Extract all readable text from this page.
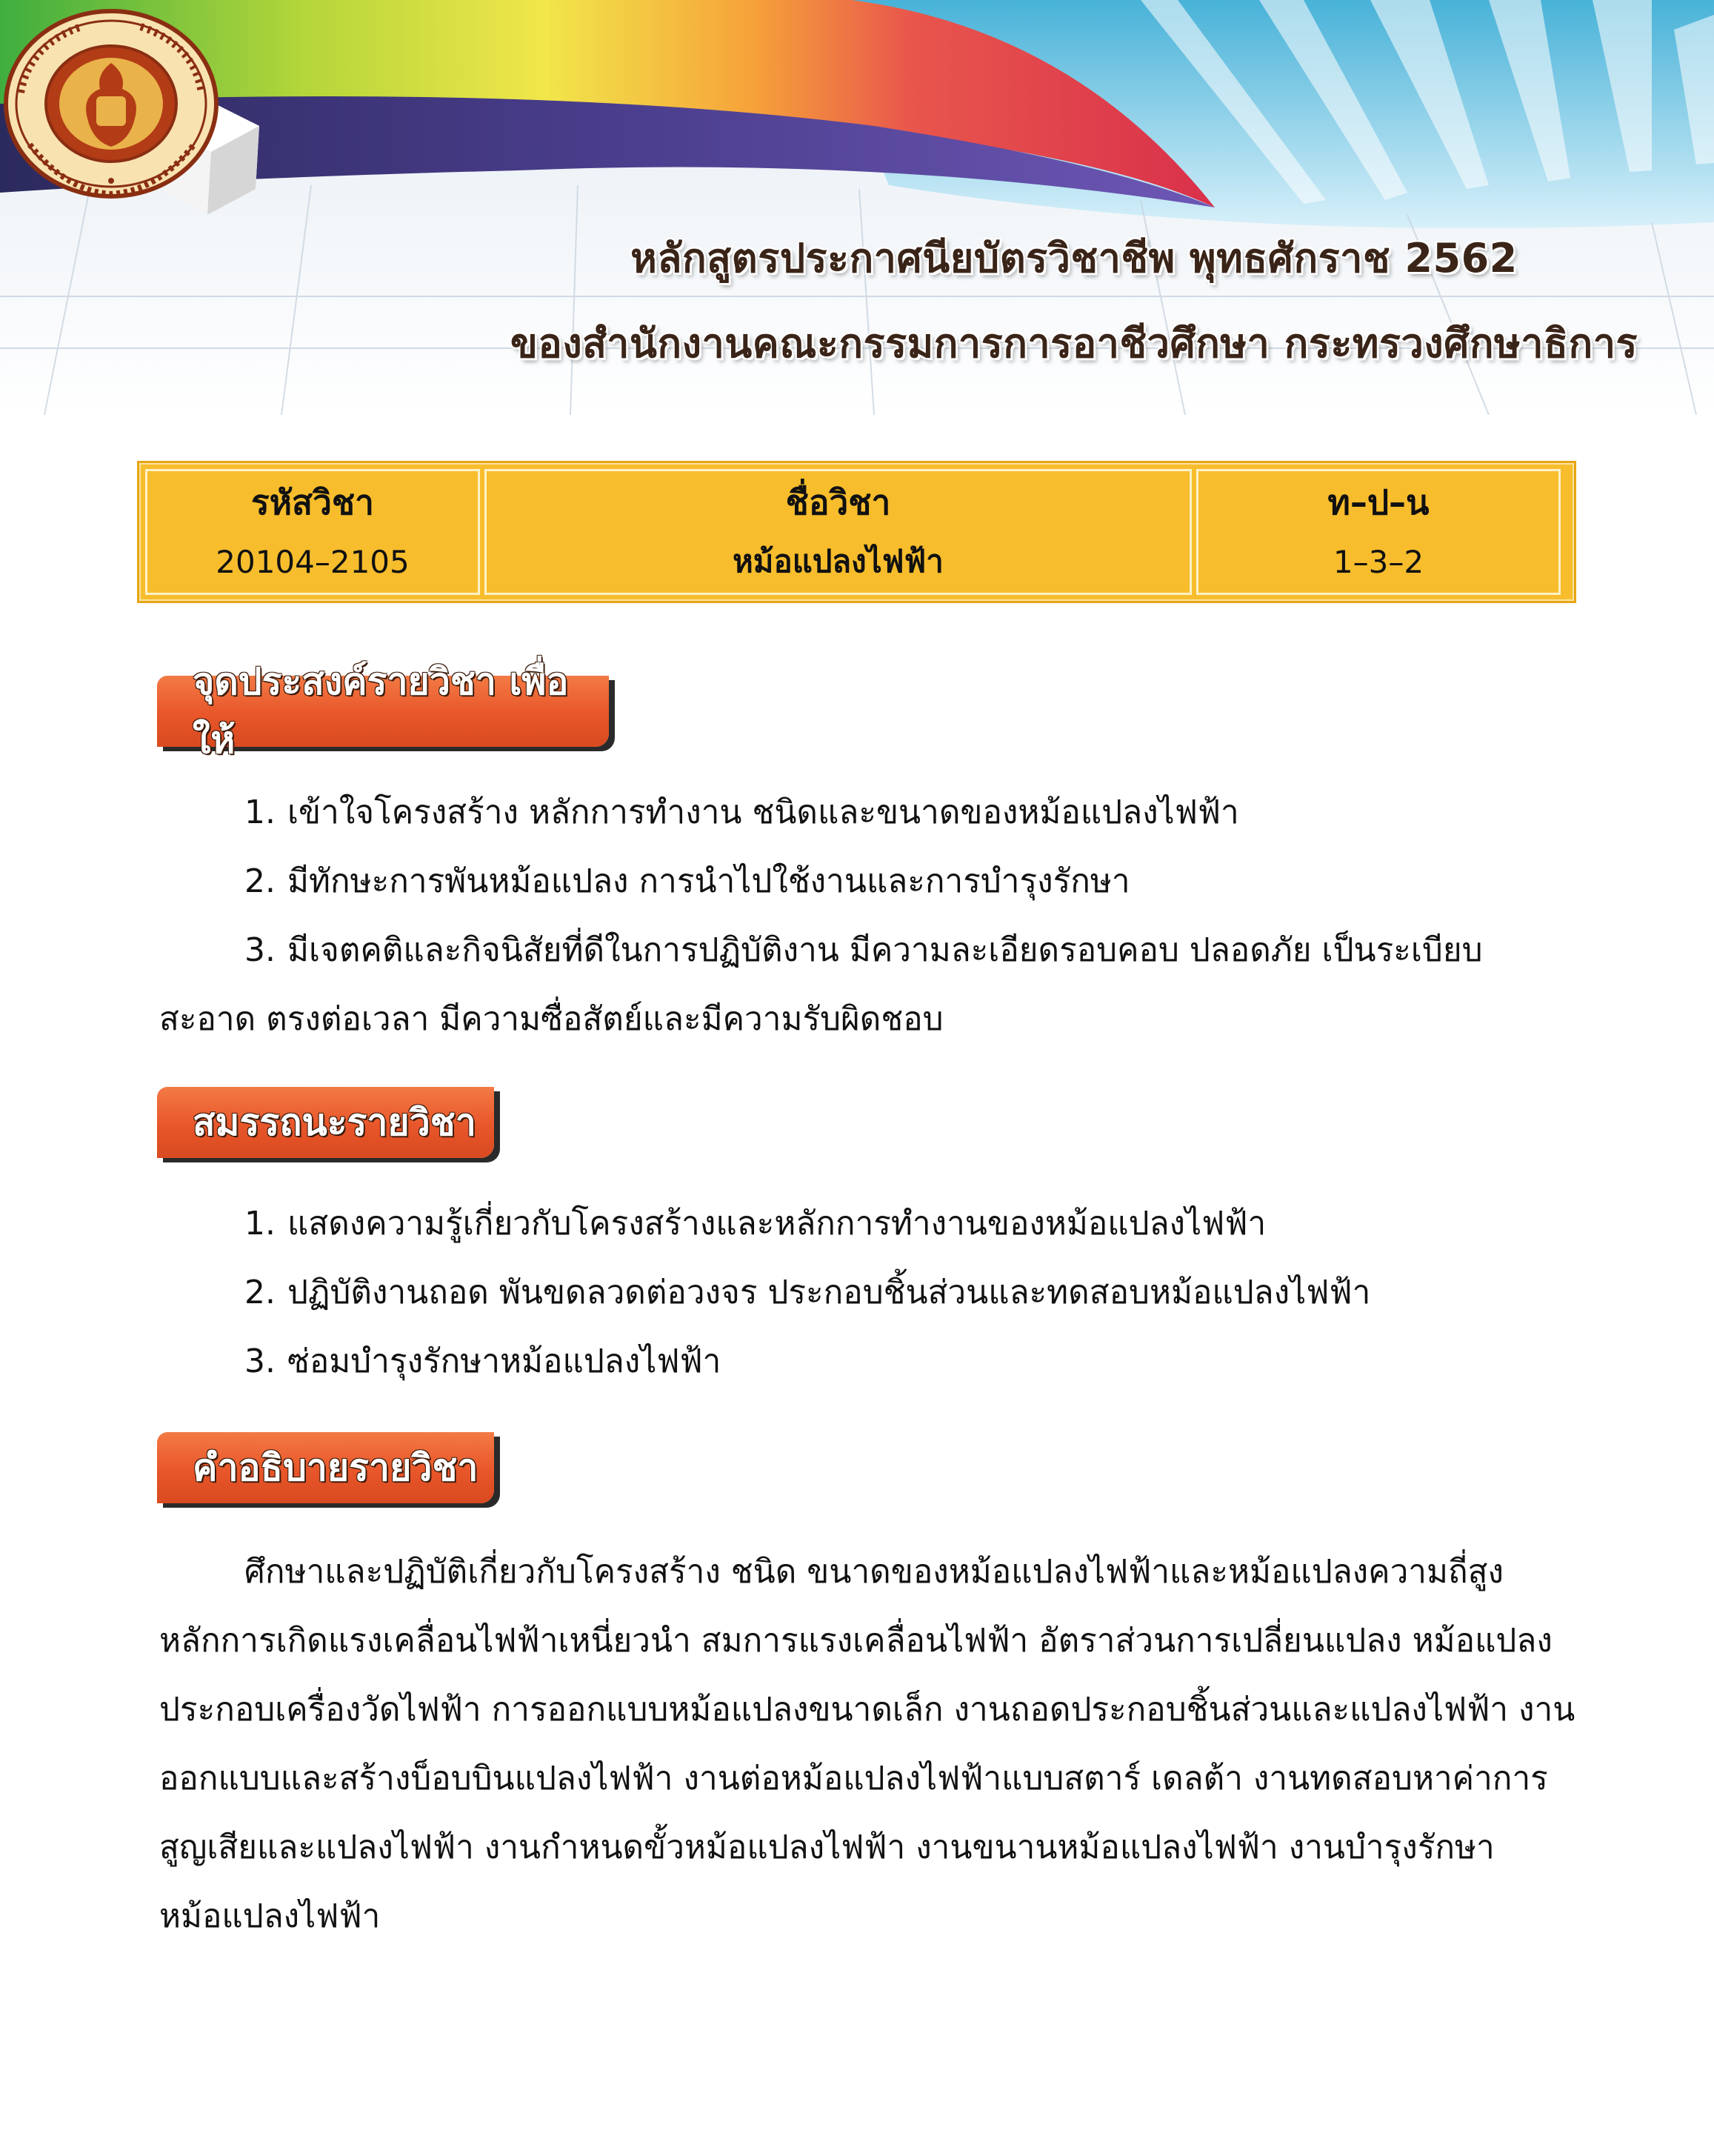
หลักสูตรประกาศนียบัตรวิชาชีพ พุทธศักราช 2562
ของสำนักงานคณะกรรมการการอาชีวศึกษา กระทรวงศึกษาธิการ
รหัสวิชา
20104–2105
ชื่อวิชา
หม้อแปลงไฟฟ้า
ท–ป–น
1–3–2
จุดประสงค์รายวิชา เพื่อให้
1. เข้าใจโครงสร้าง หลักการทำงาน ชนิดและขนาดของหม้อแปลงไฟฟ้า
2. มีทักษะการพันหม้อแปลง การนำไปใช้งานและการบำรุงรักษา
3. มีเจตคติและกิจนิสัยที่ดีในการปฏิบัติงาน มีความละเอียดรอบคอบ ปลอดภัย เป็นระเบียบ
สะอาด ตรงต่อเวลา มีความซื่อสัตย์และมีความรับผิดชอบ
สมรรถนะรายวิชา
1. แสดงความรู้เกี่ยวกับโครงสร้างและหลักการทำงานของหม้อแปลงไฟฟ้า
2. ปฏิบัติงานถอด พันขดลวดต่อวงจร ประกอบชิ้นส่วนและทดสอบหม้อแปลงไฟฟ้า
3. ซ่อมบำรุงรักษาหม้อแปลงไฟฟ้า
คำอธิบายรายวิชา
ศึกษาและปฏิบัติเกี่ยวกับโครงสร้าง ชนิด ขนาดของหม้อแปลงไฟฟ้าและหม้อแปลงความถี่สูง
หลักการเกิดแรงเคลื่อนไฟฟ้าเหนี่ยวนำ สมการแรงเคลื่อนไฟฟ้า อัตราส่วนการเปลี่ยนแปลง หม้อแปลง
ประกอบเครื่องวัดไฟฟ้า การออกแบบหม้อแปลงขนาดเล็ก งานถอดประกอบชิ้นส่วนและแปลงไฟฟ้า งาน
ออกแบบและสร้างบ็อบบินแปลงไฟฟ้า งานต่อหม้อแปลงไฟฟ้าแบบสตาร์ เดลต้า งานทดสอบหาค่าการ
สูญเสียและแปลงไฟฟ้า งานกำหนดขั้วหม้อแปลงไฟฟ้า งานขนานหม้อแปลงไฟฟ้า งานบำรุงรักษา
หม้อแปลงไฟฟ้า
